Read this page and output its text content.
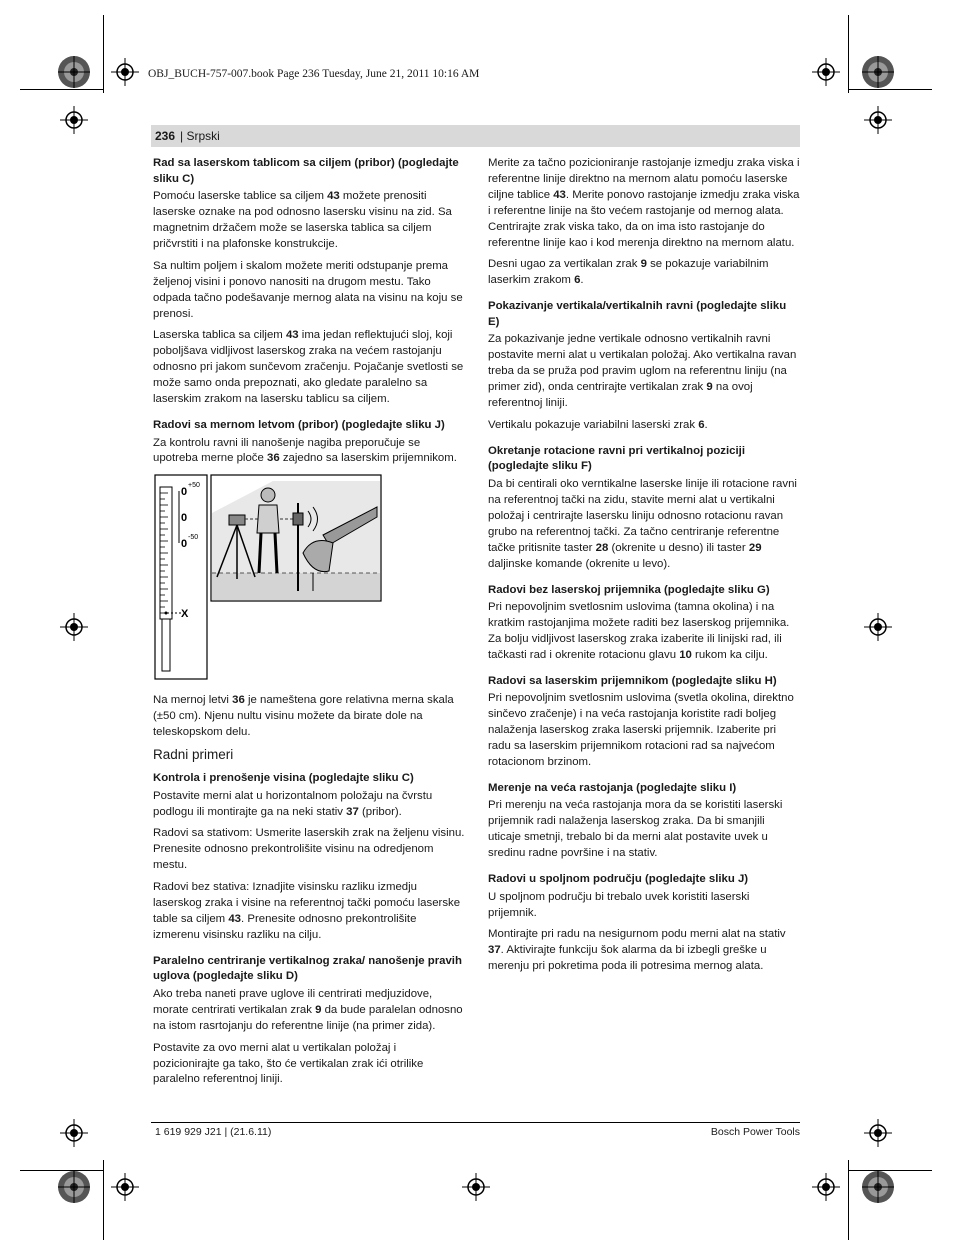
OBJ_BUCH-757-007.book Page 236 Tuesday, June 21, 2011 10:16 AM
236 | Srpski
Rad sa laserskom tablicom sa ciljem (pribor) (pogledajte sliku C)

Pomoću laserske tablice sa ciljem 43 možete prenositi laserske oznake na pod odnosno lasersku visinu na zid. Sa magnetnim držačem može se laserska tablica sa ciljem pričvrstiti i na plafonske konstrukcije.

Sa nultim poljem i skalom možete meriti odstupanje prema željenoj visini i ponovo nanositi na drugom mestu. Tako odpada tačno podešavanje mernog alata na visinu na koju se prenosi.

Laserska tablica sa ciljem 43 ima jedan reflektujući sloj, koji poboljšava vidljivost laserskog zraka na većem rastojanju odnosno pri jakom sunčevom zračenju. Pojačanje svetlosti se može samo onda prepoznati, ako gledate paralelno sa laserskim zrakom na lasersku tablicu sa ciljem.

Radovi sa mernom letvom (pribor) (pogledajte sliku J)

Za kontrolu ravni ili nanošenje nagiba preporučuje se upotreba merne ploče 36 zajedno sa laserskim prijemnikom.

0
+50
0
0
-50
X

Na mernoj letvi 36 je nameštena gore relativna merna skala (±50 cm). Njenu nultu visinu možete da birate dole na teleskopskom delu.

Radni primeri
Kontrola i prenošenje visina (pogledajte sliku C)

Postavite merni alat u horizontalnom položaju na čvrstu podlogu ili montirajte ga na neki stativ 37 (pribor).

Radovi sa stativom: Usmerite laserskih zrak na željenu visinu. Prenesite odnosno prekontrolišite visinu na odredjenom mestu.

Radovi bez stativa: Iznadjite visinsku razliku izmedju laserskog zraka i visine na referentnoj tački pomoću laserske table sa ciljem 43. Prenesite odnosno prekontrolišite izmerenu visinsku razliku na cilju.

Paralelno centriranje vertikalnog zraka/ nanošenje pravih uglova (pogledajte sliku D)

Ako treba naneti prave uglove ili centrirati medjuzidove, morate centrirati vertikalan zrak 9 da bude paralelan odnosno na istom rasrtojanju do referentne linije (na primer zida).

Postavite za ovo merni alat u vertikalan položaj i pozicionirajte ga tako, što će vertikalan zrak ići otrilike paralelno referentnoj liniji.

Merite za tačno pozicioniranje rastojanje izmedju zraka viska i referentne linije direktno na mernom alatu pomoću laserske ciljne tablice 43. Merite ponovo rastojanje izmedju zraka viska i referentne linije na što većem rastojanje od mernog alata. Centrirajte zrak viska tako, da on ima isto rastojanje do referentne linije kao i kod merenja direktno na mernom alatu.

Desni ugao za vertikalan zrak 9 se pokazuje variabilnim laserkim zrakom 6.

Pokazivanje vertikala/vertikalnih ravni (pogledajte sliku E)

Za pokazivanje jedne vertikale odnosno vertikalnih ravni postavite merni alat u vertikalan položaj. Ako vertikalna ravan treba da se pruža pod pravim uglom na referentnu liniju (na primer zid), onda centrirajte vertikalan zrak 9 na ovoj referentnoj liniji.

Vertikalu pokazuje variabilni laserski zrak 6.

Okretanje rotacione ravni pri vertikalnoj poziciji (pogledajte sliku F)

Da bi centirali oko verntikalne laserske linije ili rotacione ravni na referentnoj tački na zidu, stavite merni alat u vertikalni položaj i centrirajte lasersku liniju odnosno rotacionu ravan grubo na referentnoj tački. Za tačno centriranje referentne tačke pritisnite taster 28 (okrenite u desno) ili taster 29 daljinske komande (okrenite u levo).

Radovi bez laserskoj prijemnika (pogledajte sliku G)

Pri nepovoljnim svetlosnim uslovima (tamna okolina) i na kratkim rastojanjima možete raditi bez laserskog prijemnika. Za bolju vidljivost laserskog zraka izaberite ili linijski rad, ili tačkasti rad i okrenite rotacionu glavu 10 rukom ka cilju.

Radovi sa laserskim prijemnikom (pogledajte sliku H)

Pri nepovoljnim svetlosnim uslovima (svetla okolina, direktno sinčevo zračenje) i na veća rastojanja koristite radi boljeg nalaženja laserskog zraka laserski prijemnik. Izaberite pri radu sa laserskim prijemnikom rotacioni rad sa najvećom rotacionom brzinom.

Merenje na veća rastojanja (pogledajte sliku I)

Pri merenju na veća rastojanja mora da se koristiti laserski prijemnik radi nalaženja laserskog zraka. Da bi smanjili uticaje smetnji, trebalo bi da merni alat postavite uvek u sredinu radne površine i na stativ.

Radovi u spoljnom području (pogledajte sliku J)

U spoljnom području bi trebalo uvek koristiti laserski prijemnik.

Montirajte pri radu na nesigurnom podu merni alat na stativ 37. Aktivirajte funkciju šok alarma da bi izbegli greške u merenju pri pokretima poda ili potresima mernog alata.

1 619 929 J21 | (21.6.11)	Bosch Power Tools
